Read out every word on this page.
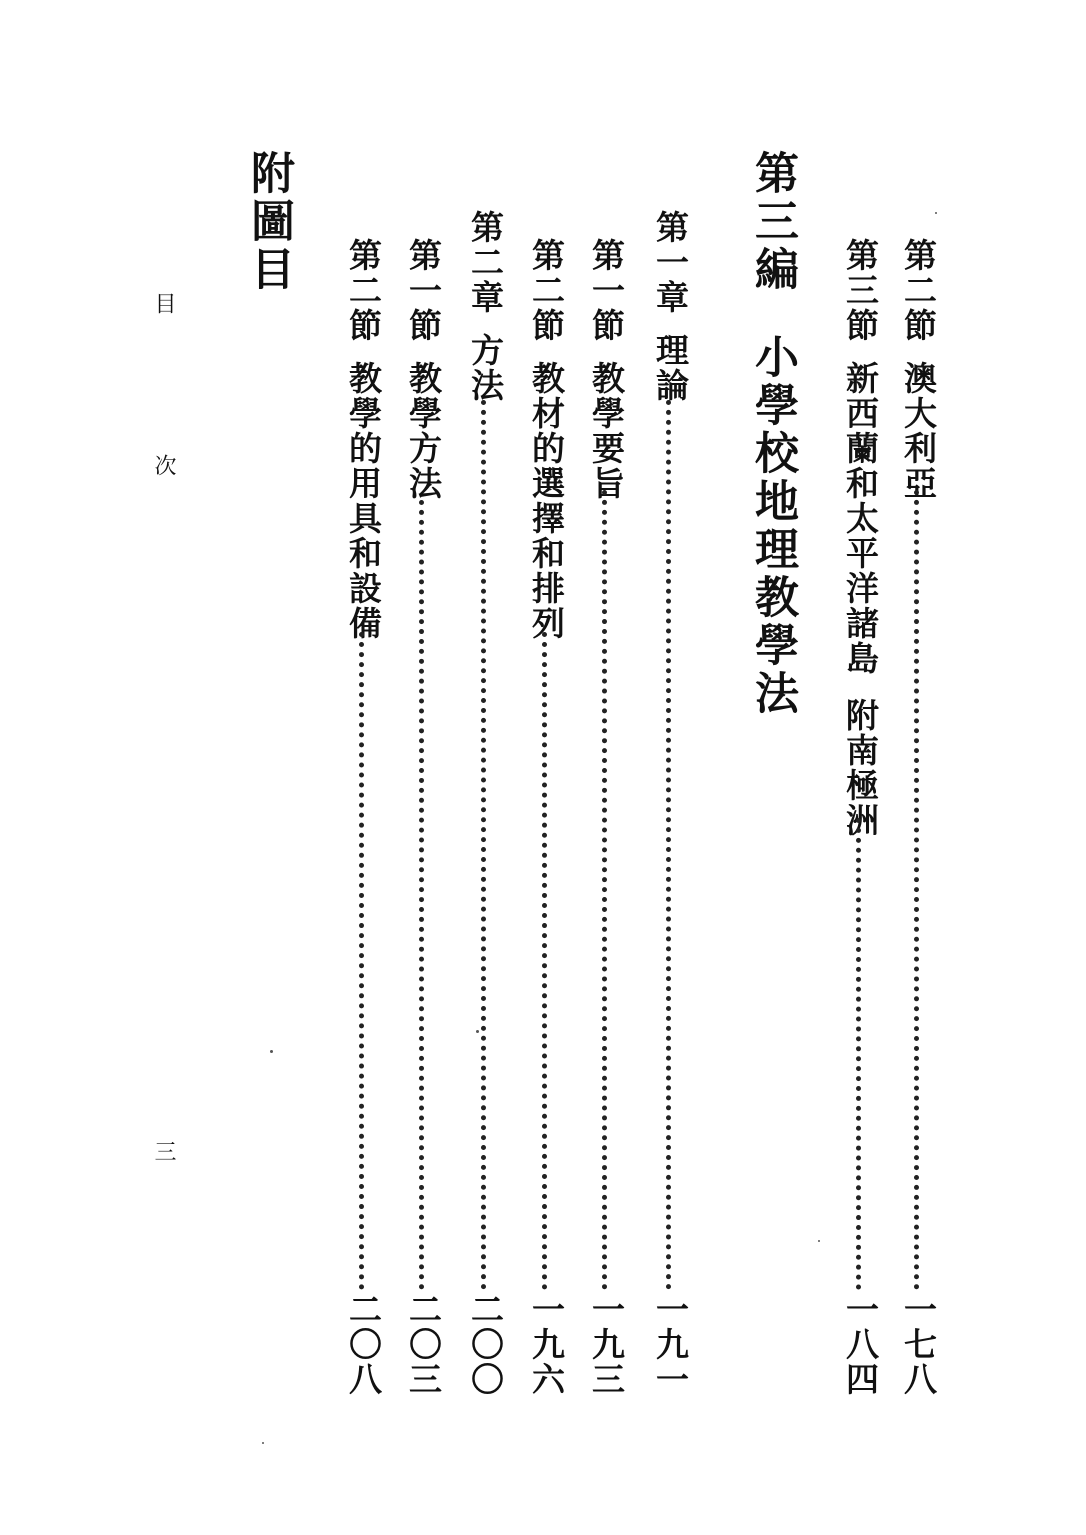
第二節澳大利亞
一七八
第三節新西蘭和太平洋諸島附南極洲
一八四
第三編小學校地理教學法
第一章理論
一九一
第一節教學要旨
一九三
第二節教材的選擇和排列
一九六
第二章方法
二〇〇
第一節教學方法
二〇三
第二節教學的用具和設備
二〇八
附圖目
目次
三
